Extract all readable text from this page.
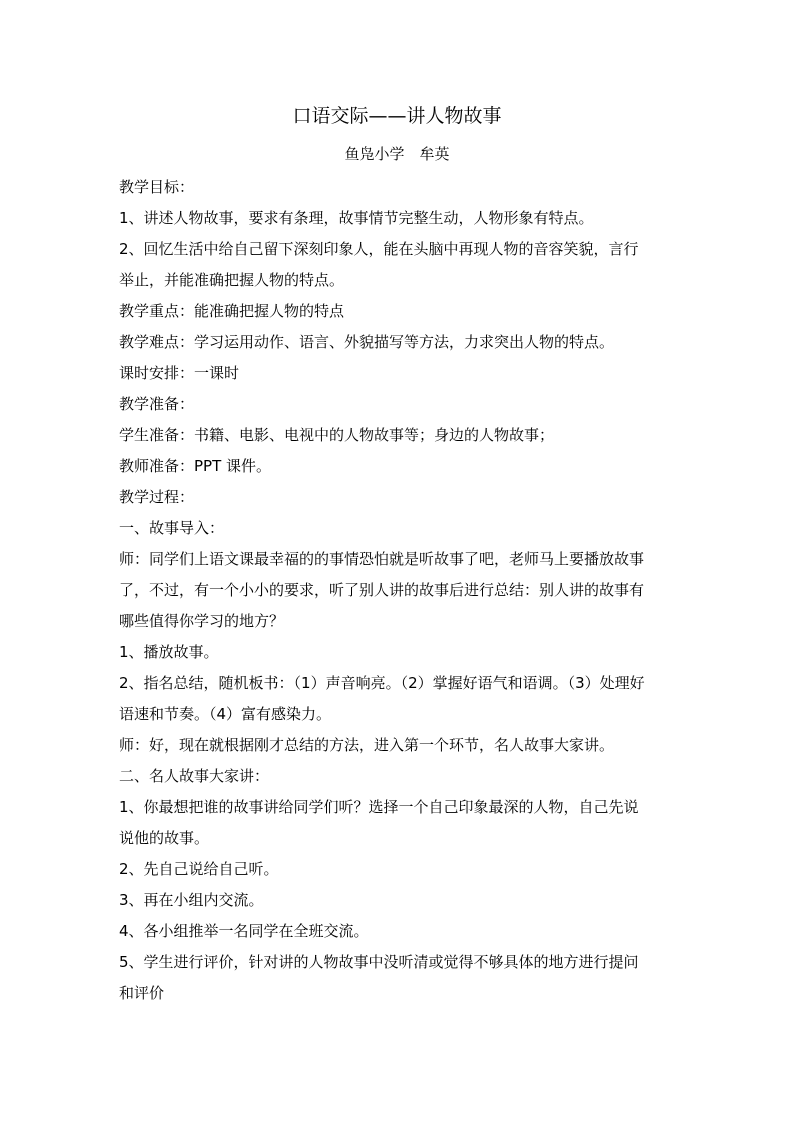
口语交际——讲人物故事
鱼凫小学　牟英
教学目标：
1、讲述人物故事，要求有条理，故事情节完整生动，人物形象有特点。
2、回忆生活中给自己留下深刻印象人，能在头脑中再现人物的音容笑貌，言行
举止，并能准确把握人物的特点。
教学重点：能准确把握人物的特点
教学难点：学习运用动作、语言、外貌描写等方法，力求突出人物的特点。
课时安排：一课时
教学准备：
学生准备：书籍、电影、电视中的人物故事等；身边的人物故事；
教师准备：PPT 课件。
教学过程：
一、故事导入：
师：同学们上语文课最幸福的的事情恐怕就是听故事了吧，老师马上要播放故事
了，不过，有一个小小的要求，听了别人讲的故事后进行总结：别人讲的故事有
哪些值得你学习的地方？
1、播放故事。
2、指名总结，随机板书：（1）声音响亮。（2）掌握好语气和语调。（3）处理好
语速和节奏。（4）富有感染力。
师：好，现在就根据刚才总结的方法，进入第一个环节，名人故事大家讲。
二、名人故事大家讲：
1、你最想把谁的故事讲给同学们听？选择一个自己印象最深的人物，自己先说
说他的故事。
2、先自己说给自己听。
3、再在小组内交流。
4、各小组推举一名同学在全班交流。
5、学生进行评价，针对讲的人物故事中没听清或觉得不够具体的地方进行提问
和评价
